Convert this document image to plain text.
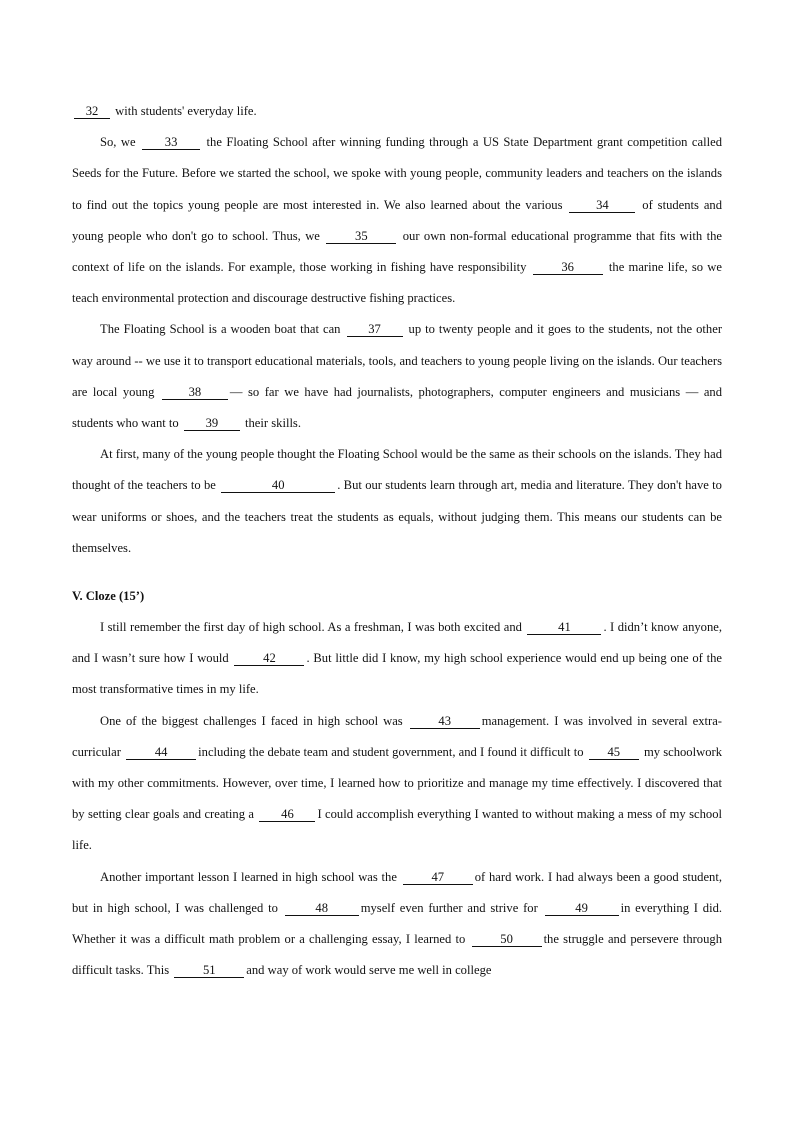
32 with students' everyday life.

So, we 33 the Floating School after winning funding through a US State Department grant competition called Seeds for the Future. Before we started the school, we spoke with young people, community leaders and teachers on the islands to find out the topics young people are most interested in. We also learned about the various	34	of students and young people who don't go to school. Thus, we	35	our own non-formal educational programme that fits with the context of life on the islands. For example, those working in fishing have responsibility	36	the marine life, so we teach environmental protection and discourage destructive fishing practices.

The Floating School is a wooden boat that can 37 up to twenty people and it goes to the students, not the other way around -- we use it to transport educational materials, tools, and teachers to young people living on the islands. Our teachers are local young	38 — so far we have had journalists, photographers, computer engineers and musicians — and students who want to 39 their skills.

At first, many of the young people thought the Floating School would be the same as their schools on the islands. They had thought of the teachers to be	40	. But our students learn through art, media and literature. They don't have to wear uniforms or shoes, and the teachers treat the students as equals, without judging them. This means our students can be themselves.

V. Cloze (15’)

I still remember the first day of high school. As a freshman, I was both excited and	41	. I didn’t know anyone, and I wasn’t sure how I would	42 . But little did I know, my high school experience would end up being one of the most transformative times in my life.

One of the biggest challenges I faced in high school was	43 management. I was involved in several extra-curricular	44 including the debate team and student government, and I found it difficult to 45 my schoolwork with my other commitments. However, over time, I learned how to prioritize and manage my time effectively. I discovered that by setting clear goals and creating a 46 I could accomplish everything I wanted to without making a mess of my school life.

Another important lesson I learned in high school was the	47 of hard work. I had always been a good student, but in high school, I was challenged to	48	myself even further and strive for	49	in everything I did. Whether it was a difficult math problem or a challenging essay, I learned to	50 the struggle and persevere through difficult tasks. This	51 and way of work would serve me well in college
